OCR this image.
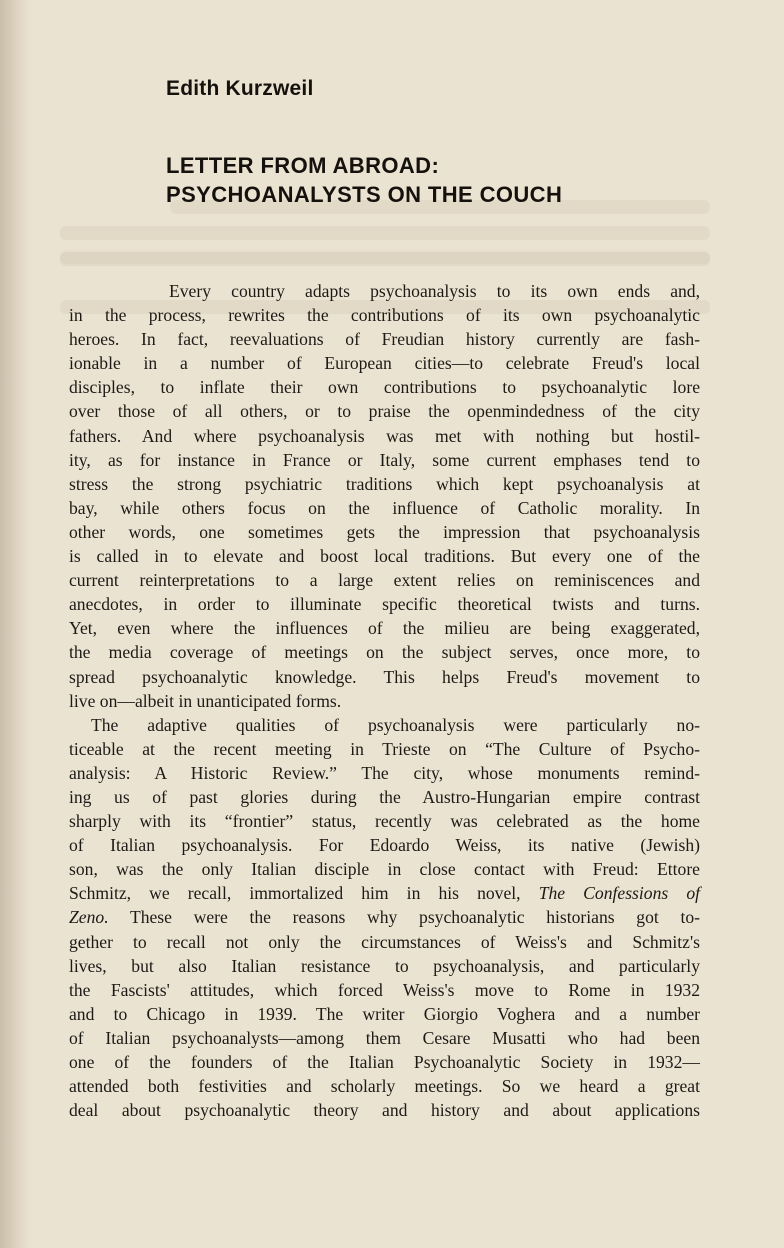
Edith Kurzweil
LETTER FROM ABROAD:
PSYCHOANALYSTS ON THE COUCH
Every country adapts psychoanalysis to its own ends and,
in the process, rewrites the contributions of its own psychoanalytic
heroes. In fact, reevaluations of Freudian history currently are fash-
ionable in a number of European cities—to celebrate Freud's local
disciples, to inflate their own contributions to psychoanalytic lore
over those of all others, or to praise the openmindedness of the city
fathers. And where psychoanalysis was met with nothing but hostil-
ity, as for instance in France or Italy, some current emphases tend to
stress the strong psychiatric traditions which kept psychoanalysis at
bay, while others focus on the influence of Catholic morality. In
other words, one sometimes gets the impression that psychoanalysis
is called in to elevate and boost local traditions. But every one of the
current reinterpretations to a large extent relies on reminiscences and
anecdotes, in order to illuminate specific theoretical twists and turns.
Yet, even where the influences of the milieu are being exaggerated,
the media coverage of meetings on the subject serves, once more, to
spread psychoanalytic knowledge. This helps Freud's movement to
live on—albeit in unanticipated forms.
The adaptive qualities of psychoanalysis were particularly no-
ticeable at the recent meeting in Trieste on “The Culture of Psycho-
analysis: A Historic Review.” The city, whose monuments remind-
ing us of past glories during the Austro-Hungarian empire contrast
sharply with its “frontier” status, recently was celebrated as the home
of Italian psychoanalysis. For Edoardo Weiss, its native (Jewish)
son, was the only Italian disciple in close contact with Freud: Ettore
Schmitz, we recall, immortalized him in his novel, The Confessions of
Zeno. These were the reasons why psychoanalytic historians got to-
gether to recall not only the circumstances of Weiss's and Schmitz's
lives, but also Italian resistance to psychoanalysis, and particularly
the Fascists' attitudes, which forced Weiss's move to Rome in 1932
and to Chicago in 1939. The writer Giorgio Voghera and a number
of Italian psychoanalysts—among them Cesare Musatti who had been
one of the founders of the Italian Psychoanalytic Society in 1932—
attended both festivities and scholarly meetings. So we heard a great
deal about psychoanalytic theory and history and about applications
